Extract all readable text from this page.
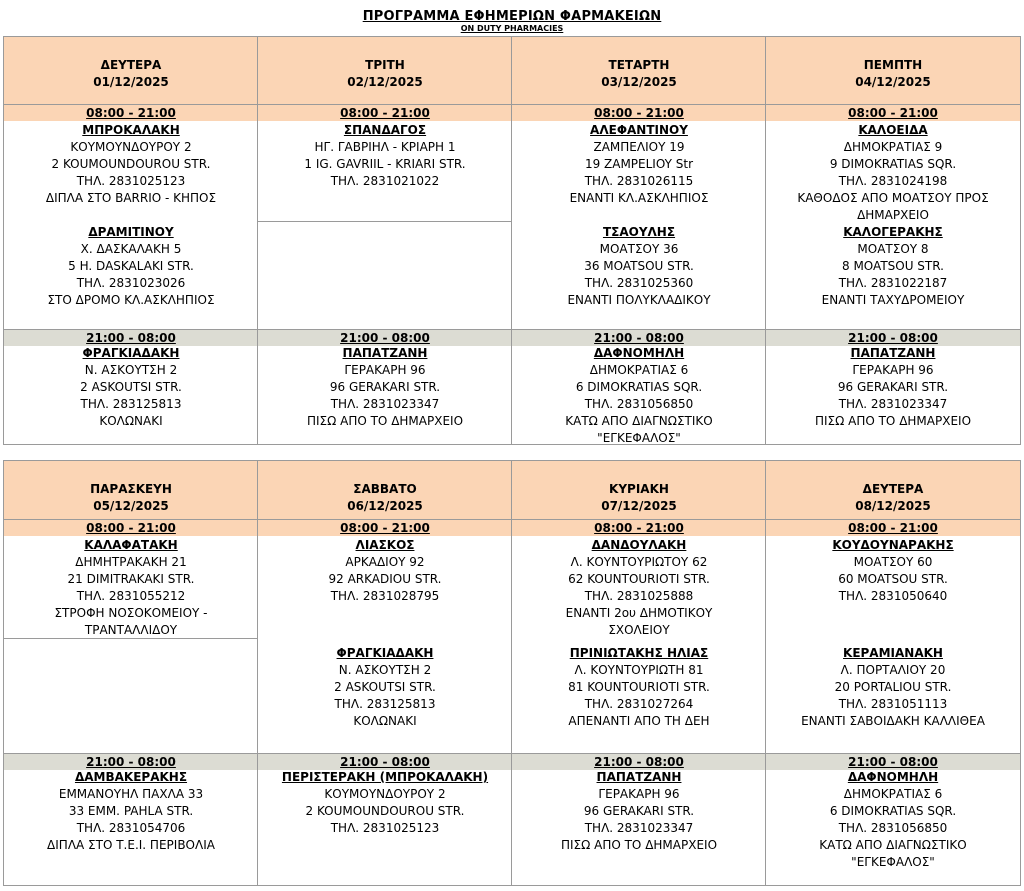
ΠΡΟΓΡΑΜΜΑ ΕΦΗΜΕΡΙΩΝ ΦΑΡΜΑΚΕΙΩΝ
ON DUTY PHARMACIES
ΔΕΥΤΕΡΑ
01/12/2025
08:00 - 21:00
ΜΠΡΟΚΑΛΑΚΗ
ΚΟΥΜΟΥΝΔΟΥΡΟΥ 2
2 KOUMOUNDOUROU STR.
ΤΗΛ. 2831025123
ΔΙΠΛΑ ΣΤΟ BARRIO - ΚΗΠΟΣ
ΔΡΑΜΙΤΙΝΟΥ
Χ. ΔΑΣΚΑΛΑΚΗ 5
5 H. DASKALAKI STR.
ΤΗΛ. 2831023026
ΣΤΟ ΔΡΟΜΟ ΚΛ.ΑΣΚΛΗΠΙΟΣ
21:00 - 08:00
ΦΡΑΓΚΙΑΔΑΚΗ
Ν. ΑΣΚΟΥΤΣΗ 2
2 ASKOUTSI STR.
ΤΗΛ. 283125813
ΚΟΛΩΝΑΚΙ
ΤΡΙΤΗ
02/12/2025
08:00 - 21:00
ΣΠΑΝΔΑΓΟΣ
ΗΓ. ΓΑΒΡΙΗΛ - ΚΡΙΑΡΗ 1
1 IG. GAVRIIL - KRIARI STR.
ΤΗΛ. 2831021022
21:00 - 08:00
ΠΑΠΑΤΖΑΝΗ
ΓΕΡΑΚΑΡΗ 96
96 GERAKARI STR.
ΤΗΛ. 2831023347
ΠΙΣΩ ΑΠΟ ΤΟ ΔΗΜΑΡΧΕΙΟ
ΤΕΤΑΡΤΗ
03/12/2025
08:00 - 21:00
ΑΛΕΦΑΝΤΙΝΟΥ
ΖΑΜΠΕΛΙΟΥ 19
19 ΖΑΜPELIOY Str
ΤΗΛ. 2831026115
ΕΝΑΝΤΙ ΚΛ.ΑΣΚΛΗΠΙΟΣ
ΤΣΑΟΥΛΗΣ
ΜΟΑΤΣΟΥ 36
36 MOATSOU STR.
ΤΗΛ. 2831025360
ΕΝΑΝΤΙ ΠΟΛΥΚΛΑΔΙΚΟΥ
21:00 - 08:00
ΔΑΦΝΟΜΗΛΗ
ΔΗΜΟΚΡΑΤΙΑΣ 6
6 DIMOKRATIAS SQR.
ΤΗΛ. 2831056850
ΚΑΤΩ ΑΠΟ ΔΙΑΓΝΩΣΤΙΚΟ
"ΕΓΚΕΦΑΛΟΣ"
ΠΕΜΠΤΗ
04/12/2025
08:00 - 21:00
ΚΑΛΟΕΙΔΑ
ΔΗΜΟΚΡΑΤΙΑΣ 9
9 DIMOKRATIAS SQR.
ΤΗΛ. 2831024198
ΚΑΘΟΔΟΣ ΑΠΟ ΜΟΑΤΣΟΥ ΠΡΟΣ
ΔΗΜΑΡΧΕΙΟ
ΚΑΛΟΓΕΡΑΚΗΣ
ΜΟΑΤΣΟΥ 8
8 MOATSOU STR.
ΤΗΛ. 2831022187
ΕΝΑΝΤΙ ΤΑΧΥΔΡΟΜΕΙΟΥ
21:00 - 08:00
ΠΑΠΑΤΖΑΝΗ
ΓΕΡΑΚΑΡΗ 96
96 GERAKARI STR.
ΤΗΛ. 2831023347
ΠΙΣΩ ΑΠΟ ΤΟ ΔΗΜΑΡΧΕΙΟ
ΠΑΡΑΣΚΕΥΗ
05/12/2025
08:00 - 21:00
ΚΑΛΑΦΑΤΑΚΗ
ΔΗΜΗΤΡΑΚΑΚΗ 21
21 DIMITRAKAKI STR.
ΤΗΛ. 2831055212
ΣΤΡΟΦΗ ΝΟΣΟΚΟΜΕΙΟΥ -
ΤΡΑΝΤΑΛΛΙΔΟΥ
21:00 - 08:00
ΔΑΜΒΑΚΕΡΑΚΗΣ
ΕΜΜΑΝΟΥΗΛ ΠΑΧΛΑ 33
33 EMM. PAHLA STR.
ΤΗΛ. 2831054706
ΔΙΠΛΑ ΣΤΟ Τ.Ε.Ι. ΠΕΡΙΒΟΛΙΑ
ΣΑΒΒΑΤΟ
06/12/2025
08:00 - 21:00
ΛΙΑΣΚΟΣ
ΑΡΚΑΔΙΟΥ 92
92 ARKADIOU STR.
ΤΗΛ. 2831028795
ΦΡΑΓΚΙΑΔΑΚΗ
Ν. ΑΣΚΟΥΤΣΗ 2
2 ASKOUTSI STR.
ΤΗΛ. 283125813
ΚΟΛΩΝΑΚΙ
21:00 - 08:00
ΠΕΡΙΣΤΕΡΑΚΗ (ΜΠΡΟΚΑΛΑΚΗ)
ΚΟΥΜΟΥΝΔΟΥΡΟΥ 2
2 KOUMOUNDOUROU STR.
ΤΗΛ. 2831025123
ΚΥΡΙΑΚΗ
07/12/2025
08:00 - 21:00
ΔΑΝΔΟΥΛΑΚΗ
Λ. ΚΟΥΝΤΟΥΡΙΩΤΟΥ 62
62 KOUNTOURIOTI STR.
ΤΗΛ. 2831025888
ΕΝΑΝΤΙ 2ου ΔΗΜΟΤΙΚΟΥ
ΣΧΟΛΕΙΟΥ
ΠΡΙΝΙΩΤΑΚΗΣ ΗΛΙΑΣ
Λ. ΚΟΥΝΤΟΥΡΙΩΤΗ 81
81 KOUNTOURIOTI STR.
ΤΗΛ. 2831027264
ΑΠΕΝΑΝΤΙ ΑΠΟ ΤΗ ΔΕΗ
21:00 - 08:00
ΠΑΠΑΤΖΑΝΗ
ΓΕΡΑΚΑΡΗ 96
96 GERAKARI STR.
ΤΗΛ. 2831023347
ΠΙΣΩ ΑΠΟ ΤΟ ΔΗΜΑΡΧΕΙΟ
ΔΕΥΤΕΡΑ
08/12/2025
08:00 - 21:00
ΚΟΥΔΟΥΝΑΡΑΚΗΣ
ΜΟΑΤΣΟΥ 60
60 MOATSOU STR.
ΤΗΛ. 2831050640
ΚΕΡΑΜΙΑΝΑΚΗ
Λ. ΠΟΡΤΑΛΙΟΥ 20
20 PORTALIOU STR.
ΤΗΛ. 2831051113
ΕΝΑΝΤΙ ΣΑΒΟΙΔΑΚΗ ΚΑΛΛΙΘΕΑ
21:00 - 08:00
ΔΑΦΝΟΜΗΛΗ
ΔΗΜΟΚΡΑΤΙΑΣ 6
6 DIMOKRATIAS SQR.
ΤΗΛ. 2831056850
ΚΑΤΩ ΑΠΟ ΔΙΑΓΝΩΣΤΙΚΟ
"ΕΓΚΕΦΑΛΟΣ"
